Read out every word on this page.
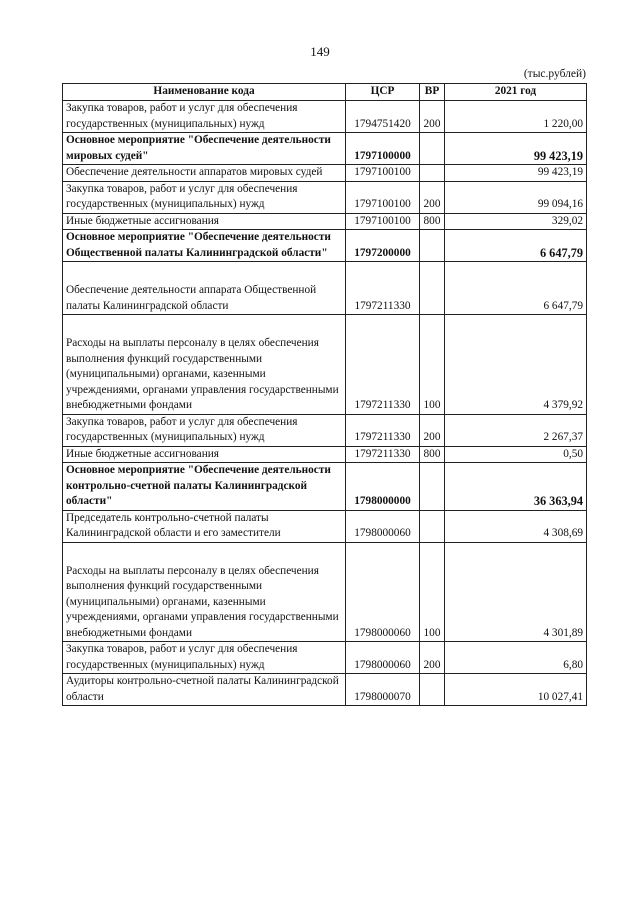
149
(тыс.рублей)
Наименование кода	ЦСР	ВР	2021 год
Закупка товаров, работ и услуг для обеспечения государственных (муниципальных) нужд	1794751420	200	1 220,00
Основное мероприятие "Обеспечение деятельности мировых судей"	1797100000		99 423,19
Обеспечение деятельности аппаратов мировых судей	1797100100		99 423,19
Закупка товаров, работ и услуг для обеспечения государственных (муниципальных) нужд	1797100100	200	99 094,16
Иные бюджетные ассигнования	1797100100	800	329,02
Основное мероприятие "Обеспечение деятельности Общественной палаты Калининградской области"	1797200000		6 647,79
Обеспечение деятельности аппарата Общественной палаты Калининградской области	1797211330		6 647,79
Расходы на выплаты персоналу в целях обеспечения выполнения функций государственными (муниципальными) органами, казенными учреждениями, органами управления государственными внебюджетными фондами	1797211330	100	4 379,92
Закупка товаров, работ и услуг для обеспечения государственных (муниципальных) нужд	1797211330	200	2 267,37
Иные бюджетные ассигнования	1797211330	800	0,50
Основное мероприятие "Обеспечение деятельности контрольно-счетной палаты Калининградской области"	1798000000		36 363,94
Председатель контрольно-счетной палаты Калининградской области и его заместители	1798000060		4 308,69
Расходы на выплаты персоналу в целях обеспечения выполнения функций государственными (муниципальными) органами, казенными учреждениями, органами управления государственными внебюджетными фондами	1798000060	100	4 301,89
Закупка товаров, работ и услуг для обеспечения государственных (муниципальных) нужд	1798000060	200	6,80
Аудиторы контрольно-счетной палаты Калининградской области	1798000070		10 027,41
